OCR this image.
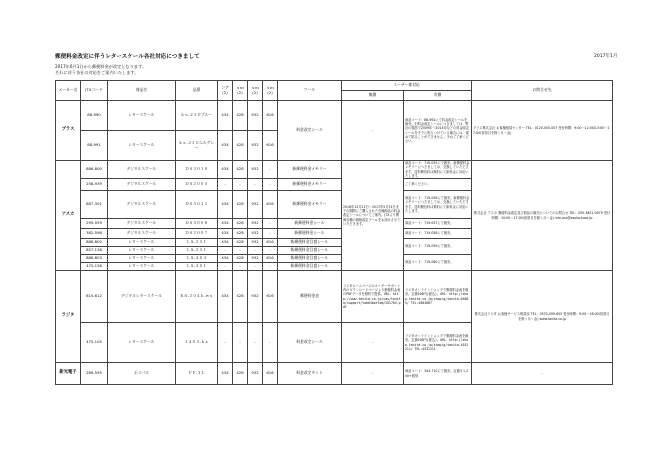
郵便料金改定に伴うレタースケール各社対応につきまして	2017年1月
2017年6月1日から郵便料金が改定となります。
それに伴う各社の対応をご案内いたします。
メーカー名	JTXコード	商品名	品番	コア(2)	ｓｍ(2)	ｓｍ(2)	ｓｍ(2)	ツール	ユーザー様対応		お問合せ先
									無償	有償	
プラス	88-990	レタースケール	ｋｓ-２２０ブルー	434	428	932	616	料金改定シール	-	商品コード：88-992にて料金改定シールを販売。旧料金改定シールにつきましては、弊社の製品で2009年～2014年などの料金改定シールをすでに貼りつけている場合には、重ねて貼ることができません。予めご了承ください。	プラス株式会社 お客様相談センター TEL：0120-000-007 受付時間：9:00～12:00/13:00～17:00(祝祭日を除く月～金)
	88-991	レタースケール	ｋｓ-２２０エルグレー	434	428	932	616				
アスカ	886-800	デジタルスケール	ＤＳ３０１０	434	428	932	-	新郵便料金メモリー	2016年12月22日～2017年5月31日までの期間にご購入された各種商品の料金改定シールについてご案内。JTXより関係各種の価格改定ツールをお届けさせていただきます。	商品コード：719-055にて販売。新郵便料金メモリーにつきましては、交換していただきます。送料梱包料は無料にて新料金に対応いたします。	株式会社 アスカ 郵便料金改定及び商品の販売についてのお問合せ TEL：050-3821-0979 受付時間：10:00～17:00(祝祭日を除く月～金) info-asc@asuka-kasa.jp
	258-939	デジタルスケール	ＤＳ２００５	-	-	-	-	新郵便料金メモリー		ご了承ください。	
	887-301	デジタルスケール	ＤＳ５０１１	434	428	932	616	新郵便料金メモリー		商品コード：719-056にて販売。新郵便料金メモリーにつきましては、交換していただきます。送料梱包料は無料にて新料金に対応いたします。	
	295-059	デジタルスケール	ＤＳ５００８	434	428	932	-	新郵便料金シール		商品コード：719-057にて販売。	
	382-598	デジタルスケール	ＤＳ２００７	434	428	932	-	新郵便料金シール		商品コード：719-058にて販売。	
	886-802	レタースケール	ＬＳ-２５１	434	428	932	616	新郵便料金目盛シール		商品コード：719-059にて販売。	
	857-138	レタースケール	ＬＳ-２５１	-	-	-	-	新郵便料金目盛シール			
	886-803	レタースケール	ＬＳ-４０３	434	428	932	616	新郵便料金目盛シール		商品コード：719-060にて販売。	
	475-158	レタースケール	ＬＳ-３０１	-	-	-	-	新郵便料金目盛シール			
ラジタ	815-612	デジタルレタースケール	ＫＳ-２０４ｋ-ｗｓ	434	428	932	616	郵便料金表	ラジタホームページのユーザーサポート内のダウンロードページより郵便料金表のPDFデータを無料で提供。URL：http://www.tanita.co.jp/cms/tanita/support/tab64bottom/201705.pdf	ラジタオンラインショップで郵便料金表を販売。定価100円(税込)。URL：http://shop.tanita.co.jp/shop/g/tanita-04005/ TEL:4004007	株式会社ラジタ お客様サービス相談室 TEL：0570-099-655 受付時間：9:00～16:00(祝祭日を除く月～金) www.tanita.co.jp
	475-105	レタースケール	１４０３-ｋｓ	-	-	-	-	料金改定シール	-	ラジタオンラインショップで郵便料金表を販売。定価100円(税込)。URL：http://shop.tanita.co.jp/shop/g/tanita-4531211/ TEL:4531211	
新光電子	289-595	ポスパル	ＰＦ-３Ｌ	434	428	932	616	料金改定キット	-	商品コード：344-710にて販売。定価￥1,200+税別	-
